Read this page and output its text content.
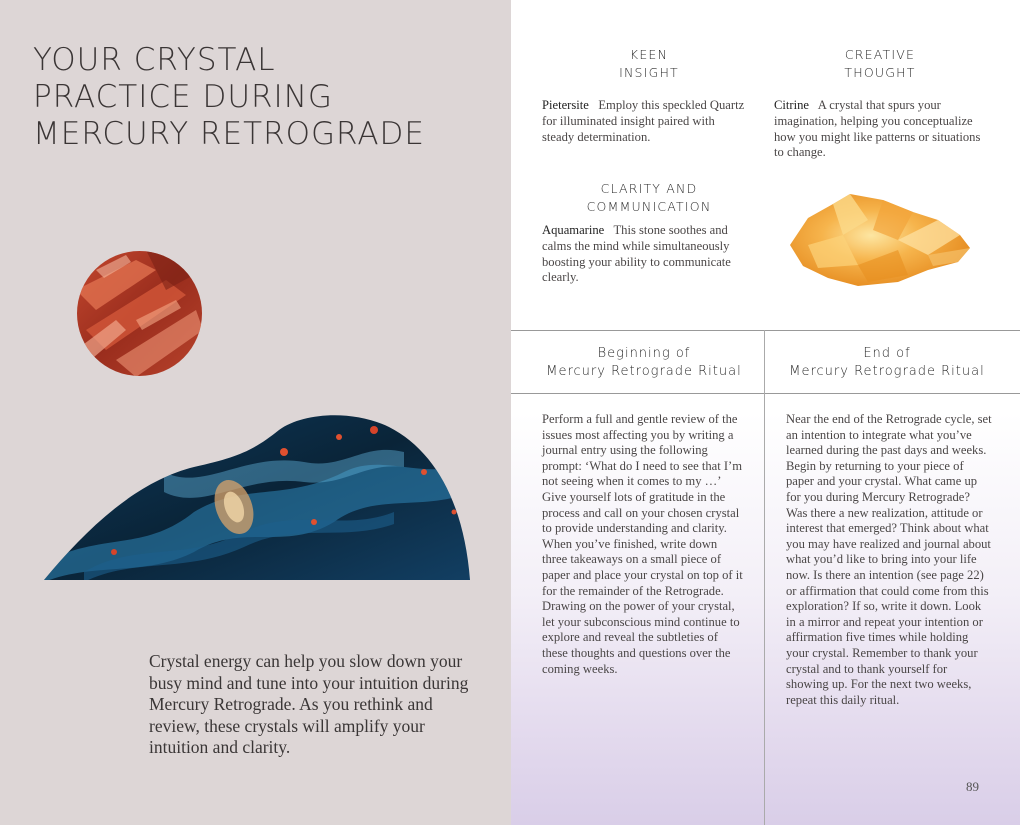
YOUR CRYSTAL
PRACTICE DURING
MERCURY RETROGRADE
Crystal energy can help you slow down your busy mind and tune into your intuition during Mercury Retrograde. As you rethink and review, these crystals will amplify your intuition and clarity.
KEEN
INSIGHT
Pietersite Employ this speckled Quartz for illuminated insight paired with steady determination.
CREATIVE
THOUGHT
Citrine A crystal that spurs your imagination, helping you conceptualize how you might like patterns or situations to change.
CLARITY AND
COMMUNICATION
Aquamarine This stone soothes and calms the mind while simultaneously boosting your ability to communicate clearly.
Beginning of
Mercury Retrograde Ritual
End of
Mercury Retrograde Ritual
Perform a full and gentle review of the issues most affecting you by writing a journal entry using the following prompt: ‘What do I need to see that I’m not seeing when it comes to my …’ Give yourself lots of gratitude in the process and call on your chosen crystal to provide understanding and clarity. When you’ve finished, write down three takeaways on a small piece of paper and place your crystal on top of it for the remainder of the Retrograde. Drawing on the power of your crystal, let your subconscious mind continue to explore and reveal the subtleties of these thoughts and questions over the coming weeks.
Near the end of the Retrograde cycle, set an intention to integrate what you’ve learned during the past days and weeks. Begin by returning to your piece of paper and your crystal. What came up for you during Mercury Retrograde? Was there a new realization, attitude or interest that emerged? Think about what you may have realized and journal about what you’d like to bring into your life now. Is there an intention (see page 22) or affirmation that could come from this exploration? If so, write it down. Look in a mirror and repeat your intention or affirmation five times while holding your crystal. Remember to thank your crystal and to thank yourself for showing up. For the next two weeks, repeat this daily ritual.
89
